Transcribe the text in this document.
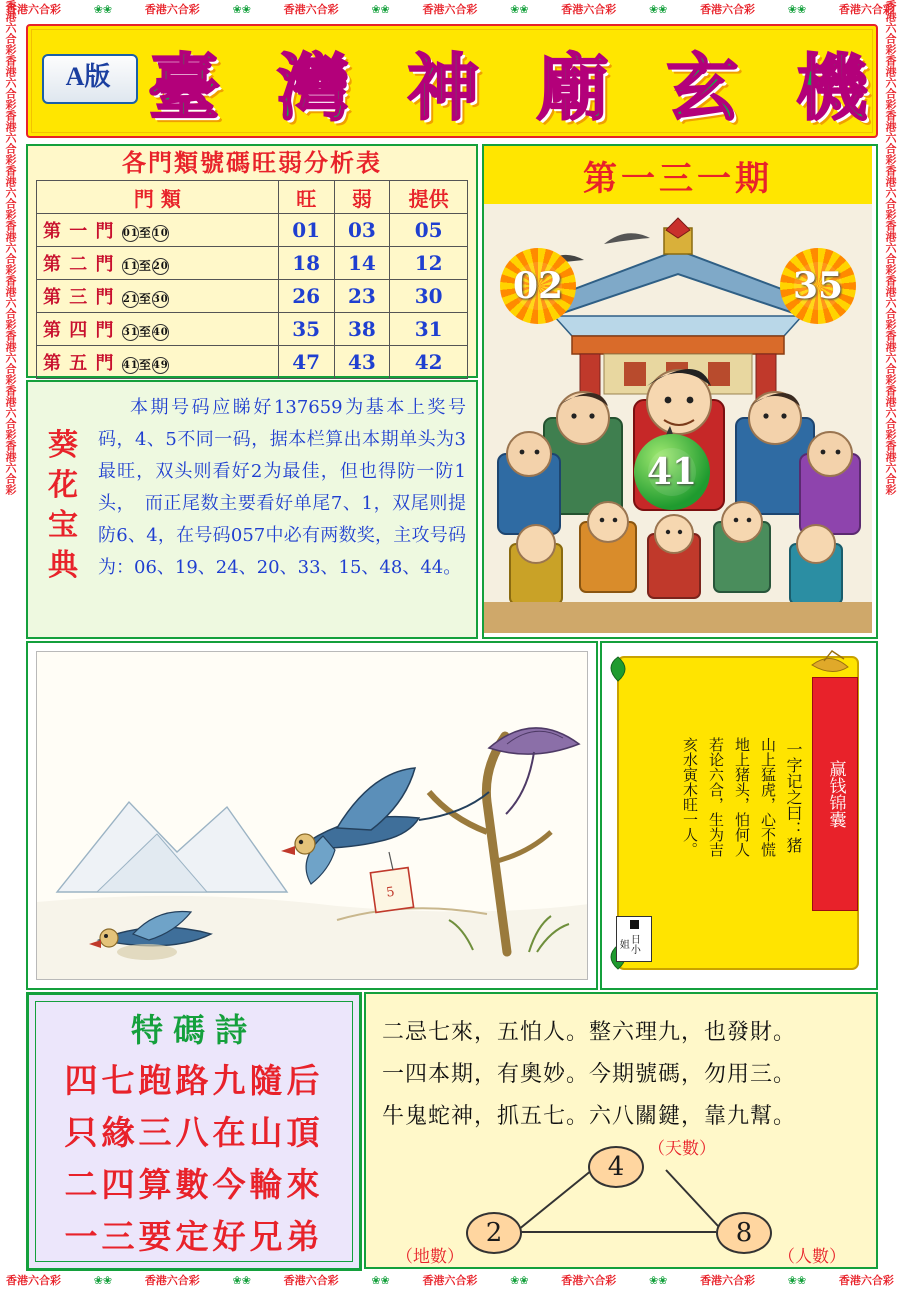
香港六合彩	❀❀	香港六合彩	❀❀	香港六合彩	❀❀	香港六合彩	❀❀	香港六合彩	❀❀	香港六合彩	❀❀	香港六合彩
香港六合彩	❀❀	香港六合彩	❀❀	香港六合彩	❀❀	香港六合彩	❀❀	香港六合彩	❀❀	香港六合彩	❀❀	香港六合彩
香港六合彩
香港六合彩
香港六合彩
香港六合彩
香港六合彩
香港六合彩
香港六合彩
香港六合彩
香港六合彩
香港六合彩
香港六合彩
香港六合彩
香港六合彩
香港六合彩
香港六合彩
香港六合彩
香港六合彩
香港六合彩
A版 臺 灣 神 廟 玄 機
各門類號碼旺弱分析表
門 類	旺	弱	提供
第 一 門 01至10	01	03	05
第 二 門 11至20	18	14	12
第 三 門 21至30	26	23	30
第 四 門 31至40	35	38	31
第 五 門 41至49	47	43	42
葵
花
宝
典
本期号码应睇好137659为基本上奖号码，4、5不同一码，据本栏算出本期单头为3最旺，双头则看好2为最佳，但也得防一防1头，　而正尾数主要看好单尾7、1，双尾则提防6、4，在号码057中必有两数奖，主攻号码为：06、19、24、20、33、15、48、44。
第一三一期
02	35
41
5
赢钱锦囊
一字记之曰：猪
山上猛虎，心不慌
地上猪头，怕何人
若论六合，生为吉
亥水寅木旺一人。
日小姐
特碼詩
四七跑路九隨后
只緣三八在山頂
二四算數今輪來
一三要定好兄弟
二忌七來，五怕人。整六理九，也發財。
一四本期，有奧妙。今期號碼，勿用三。
牛鬼蛇神，抓五七。六八關鍵，靠九幫。
4
2	8
（天數）
（地數）	（人數）
